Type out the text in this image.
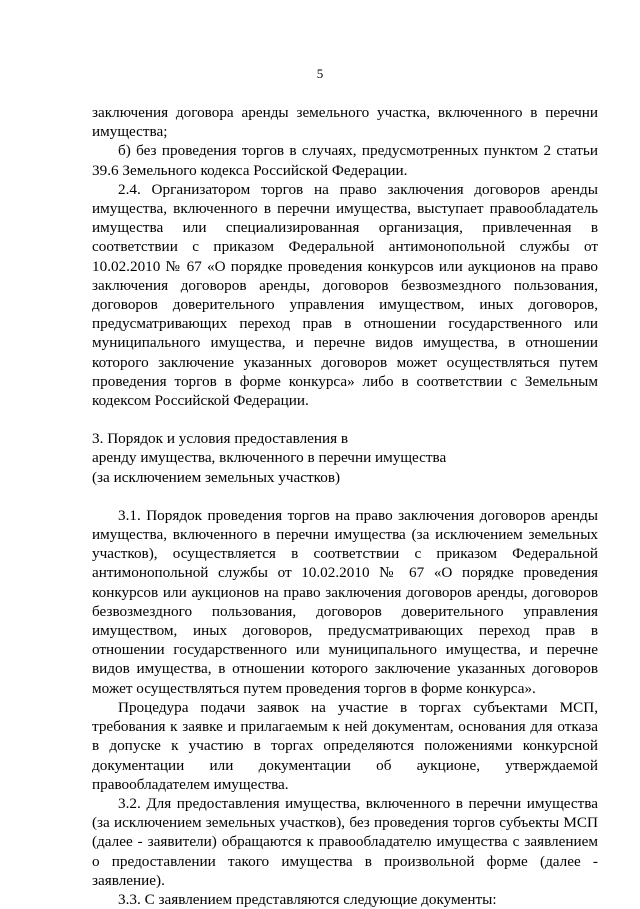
5

заключения договора аренды земельного участка, включенного в перечни имущества;

б) без проведения торгов в случаях, предусмотренных пунктом 2 статьи 39.6 Земельного кодекса Российской Федерации.

2.4. Организатором торгов на право заключения договоров аренды имущества, включенного в перечни имущества, выступает правообладатель имущества или специализированная организация, привлеченная в соответствии с приказом Федеральной антимонопольной службы от 10.02.2010 № 67 «О порядке проведения конкурсов или аукционов на право заключения договоров аренды, договоров безвозмездного пользования, договоров доверительного управления имуществом, иных договоров, предусматривающих переход прав в отношении государственного или муниципального имущества, и перечне видов имущества, в отношении которого заключение указанных договоров может осуществляться путем проведения торгов в форме конкурса» либо в соответствии с Земельным кодексом Российской Федерации.

3. Порядок и условия предоставления в

аренду имущества, включенного в перечни имущества

(за исключением земельных участков)

3.1. Порядок проведения торгов на право заключения договоров аренды имущества, включенного в перечни имущества (за исключением земельных участков), осуществляется в соответствии с приказом Федеральной антимонопольной службы от 10.02.2010 № 67 «О порядке проведения конкурсов или аукционов на право заключения договоров аренды, договоров безвозмездного пользования, договоров доверительного управления имуществом, иных договоров, предусматривающих переход прав в отношении государственного или муниципального имущества, и перечне видов имущества, в отношении которого заключение указанных договоров может осуществляться путем проведения торгов в форме конкурса».

Процедура подачи заявок на участие в торгах субъектами МСП, требования к заявке и прилагаемым к ней документам, основания для отказа в допуске к участию в торгах определяются положениями конкурсной документации или документации об аукционе, утверждаемой правообладателем имущества.

3.2. Для предоставления имущества, включенного в перечни имущества (за исключением земельных участков), без проведения торгов субъекты МСП (далее - заявители) обращаются к правообладателю имущества с заявлением о предоставлении такого имущества в произвольной форме (далее - заявление).

3.3. С заявлением представляются следующие документы:
